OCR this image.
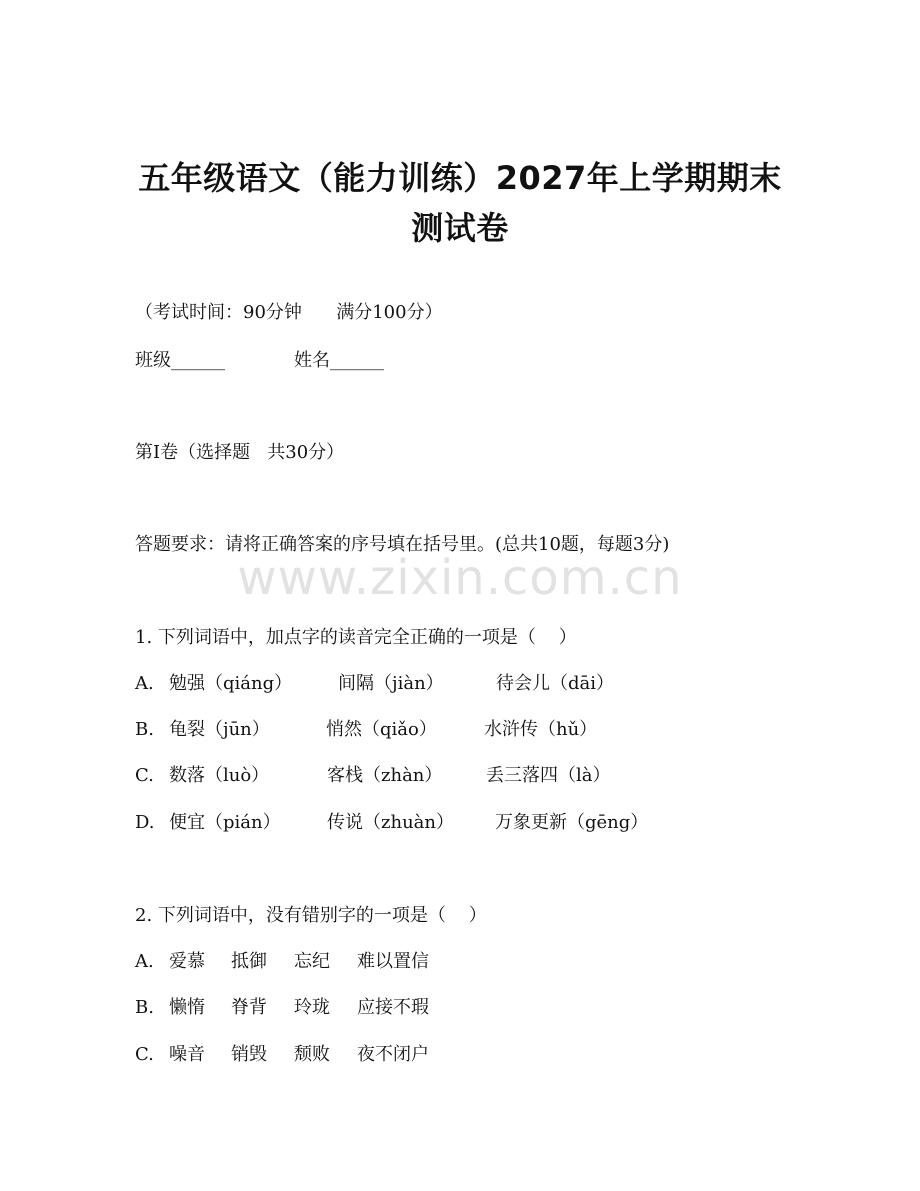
五年级语文（能力训练）2027年上学期期末
测试卷
（考试时间：90分钟      满分100分）
班级______	姓名______
第I卷（选择题   共30分）
答题要求：请将正确答案的序号填在括号里。(总共10题，每题3分)
www.zixin.com.cn
1. 下列词语中，加点字的读音完全正确的一项是（    ）
A. 勉强（qiáng）	间隔（jiàn）	待会儿（dāi）
B. 龟裂（jūn）	悄然（qiǎo）	水浒传（hǔ）
C. 数落（luò）	客栈（zhàn） 丢三落四（là）
D. 便宜（pián）	传说（zhuàn） 万象更新（gēng）
2. 下列词语中，没有错别字的一项是（    ）
A. 爱慕 抵御 忘纪 难以置信
B. 懒惰 脊背 玲珑 应接不瑕
C. 噪音 销毁 颓败 夜不闭户
